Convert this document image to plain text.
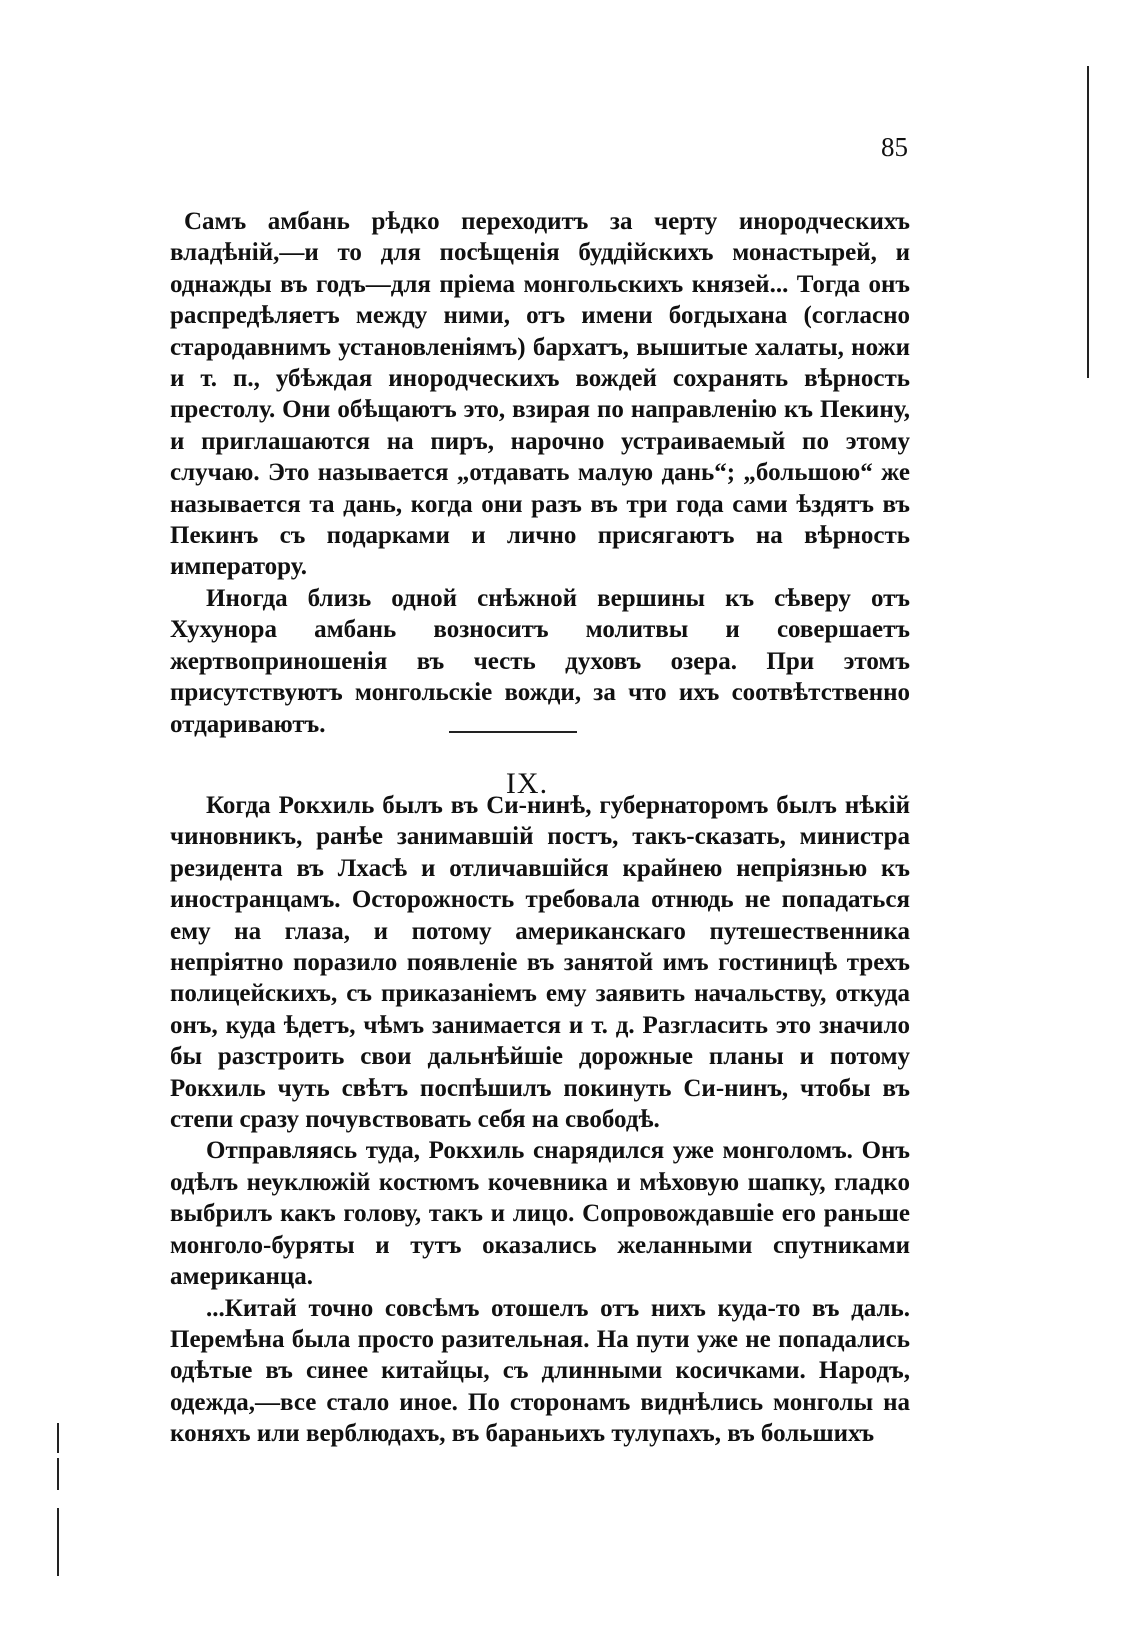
85

Самъ амбань рѣдко переходитъ за черту инородческихъ владѣній,—и то для посѣщенія буддійскихъ монастырей, и однажды въ годъ—для пріема монгольскихъ князей... Тогда онъ распредѣляетъ между ними, отъ имени богдыхана (согласно стародавнимъ установленіямъ) бархатъ, вышитые халаты, ножи и т. п., убѣждая инородческихъ вождей сохранять вѣрность престолу. Они обѣщаютъ это, взирая по направленію къ Пекину, и приглашаются на пиръ, нарочно устраиваемый по этому случаю. Это называется „отдавать малую дань“; „большою“ же называется та дань, когда они разъ въ три года сами ѣздятъ въ Пекинъ съ подарками и лично присягаютъ на вѣрность императору.

Иногда близь одной снѣжной вершины къ сѣверу отъ Хухунора амбань возноситъ молитвы и совершаетъ жертвоприношенія въ честь духовъ озера. При этомъ присутствуютъ монгольскіе вожди, за что ихъ соотвѣтственно отдариваютъ.

IX.

Когда Рокхиль былъ въ Си-нинѣ, губернаторомъ былъ нѣкій чиновникъ, ранѣе занимавшій постъ, такъ-сказать, министра резидента въ Лхасѣ и отличавшійся крайнею непріязнью къ иностранцамъ. Осторожность требовала отнюдь не попадаться ему на глаза, и потому американскаго путешественника непріятно поразило появленіе въ занятой имъ гостиницѣ трехъ полицейскихъ, съ приказаніемъ ему заявить начальству, откуда онъ, куда ѣдетъ, чѣмъ занимается и т. д. Разгласить это значило бы разстроить свои дальнѣйшіе дорожные планы и потому Рокхиль чуть свѣтъ поспѣшилъ покинуть Си-нинъ, чтобы въ степи сразу почувствовать себя на свободѣ.

Отправляясь туда, Рокхиль снарядился уже монголомъ. Онъ одѣлъ неуклюжій костюмъ кочевника и мѣховую шапку, гладко выбрилъ какъ голову, такъ и лицо. Сопровождавшіе его раньше монголо-буряты и тутъ оказались желанными спутниками американца.

...Китай точно совсѣмъ отошелъ отъ нихъ куда-то въ даль. Перемѣна была просто разительная. На пути уже не попадались одѣтые въ синее китайцы, съ длинными косичками. Народъ, одежда,—все стало иное. По сторонамъ виднѣлись монголы на коняхъ или верблюдахъ, въ бараньихъ тулупахъ, въ большихъ
